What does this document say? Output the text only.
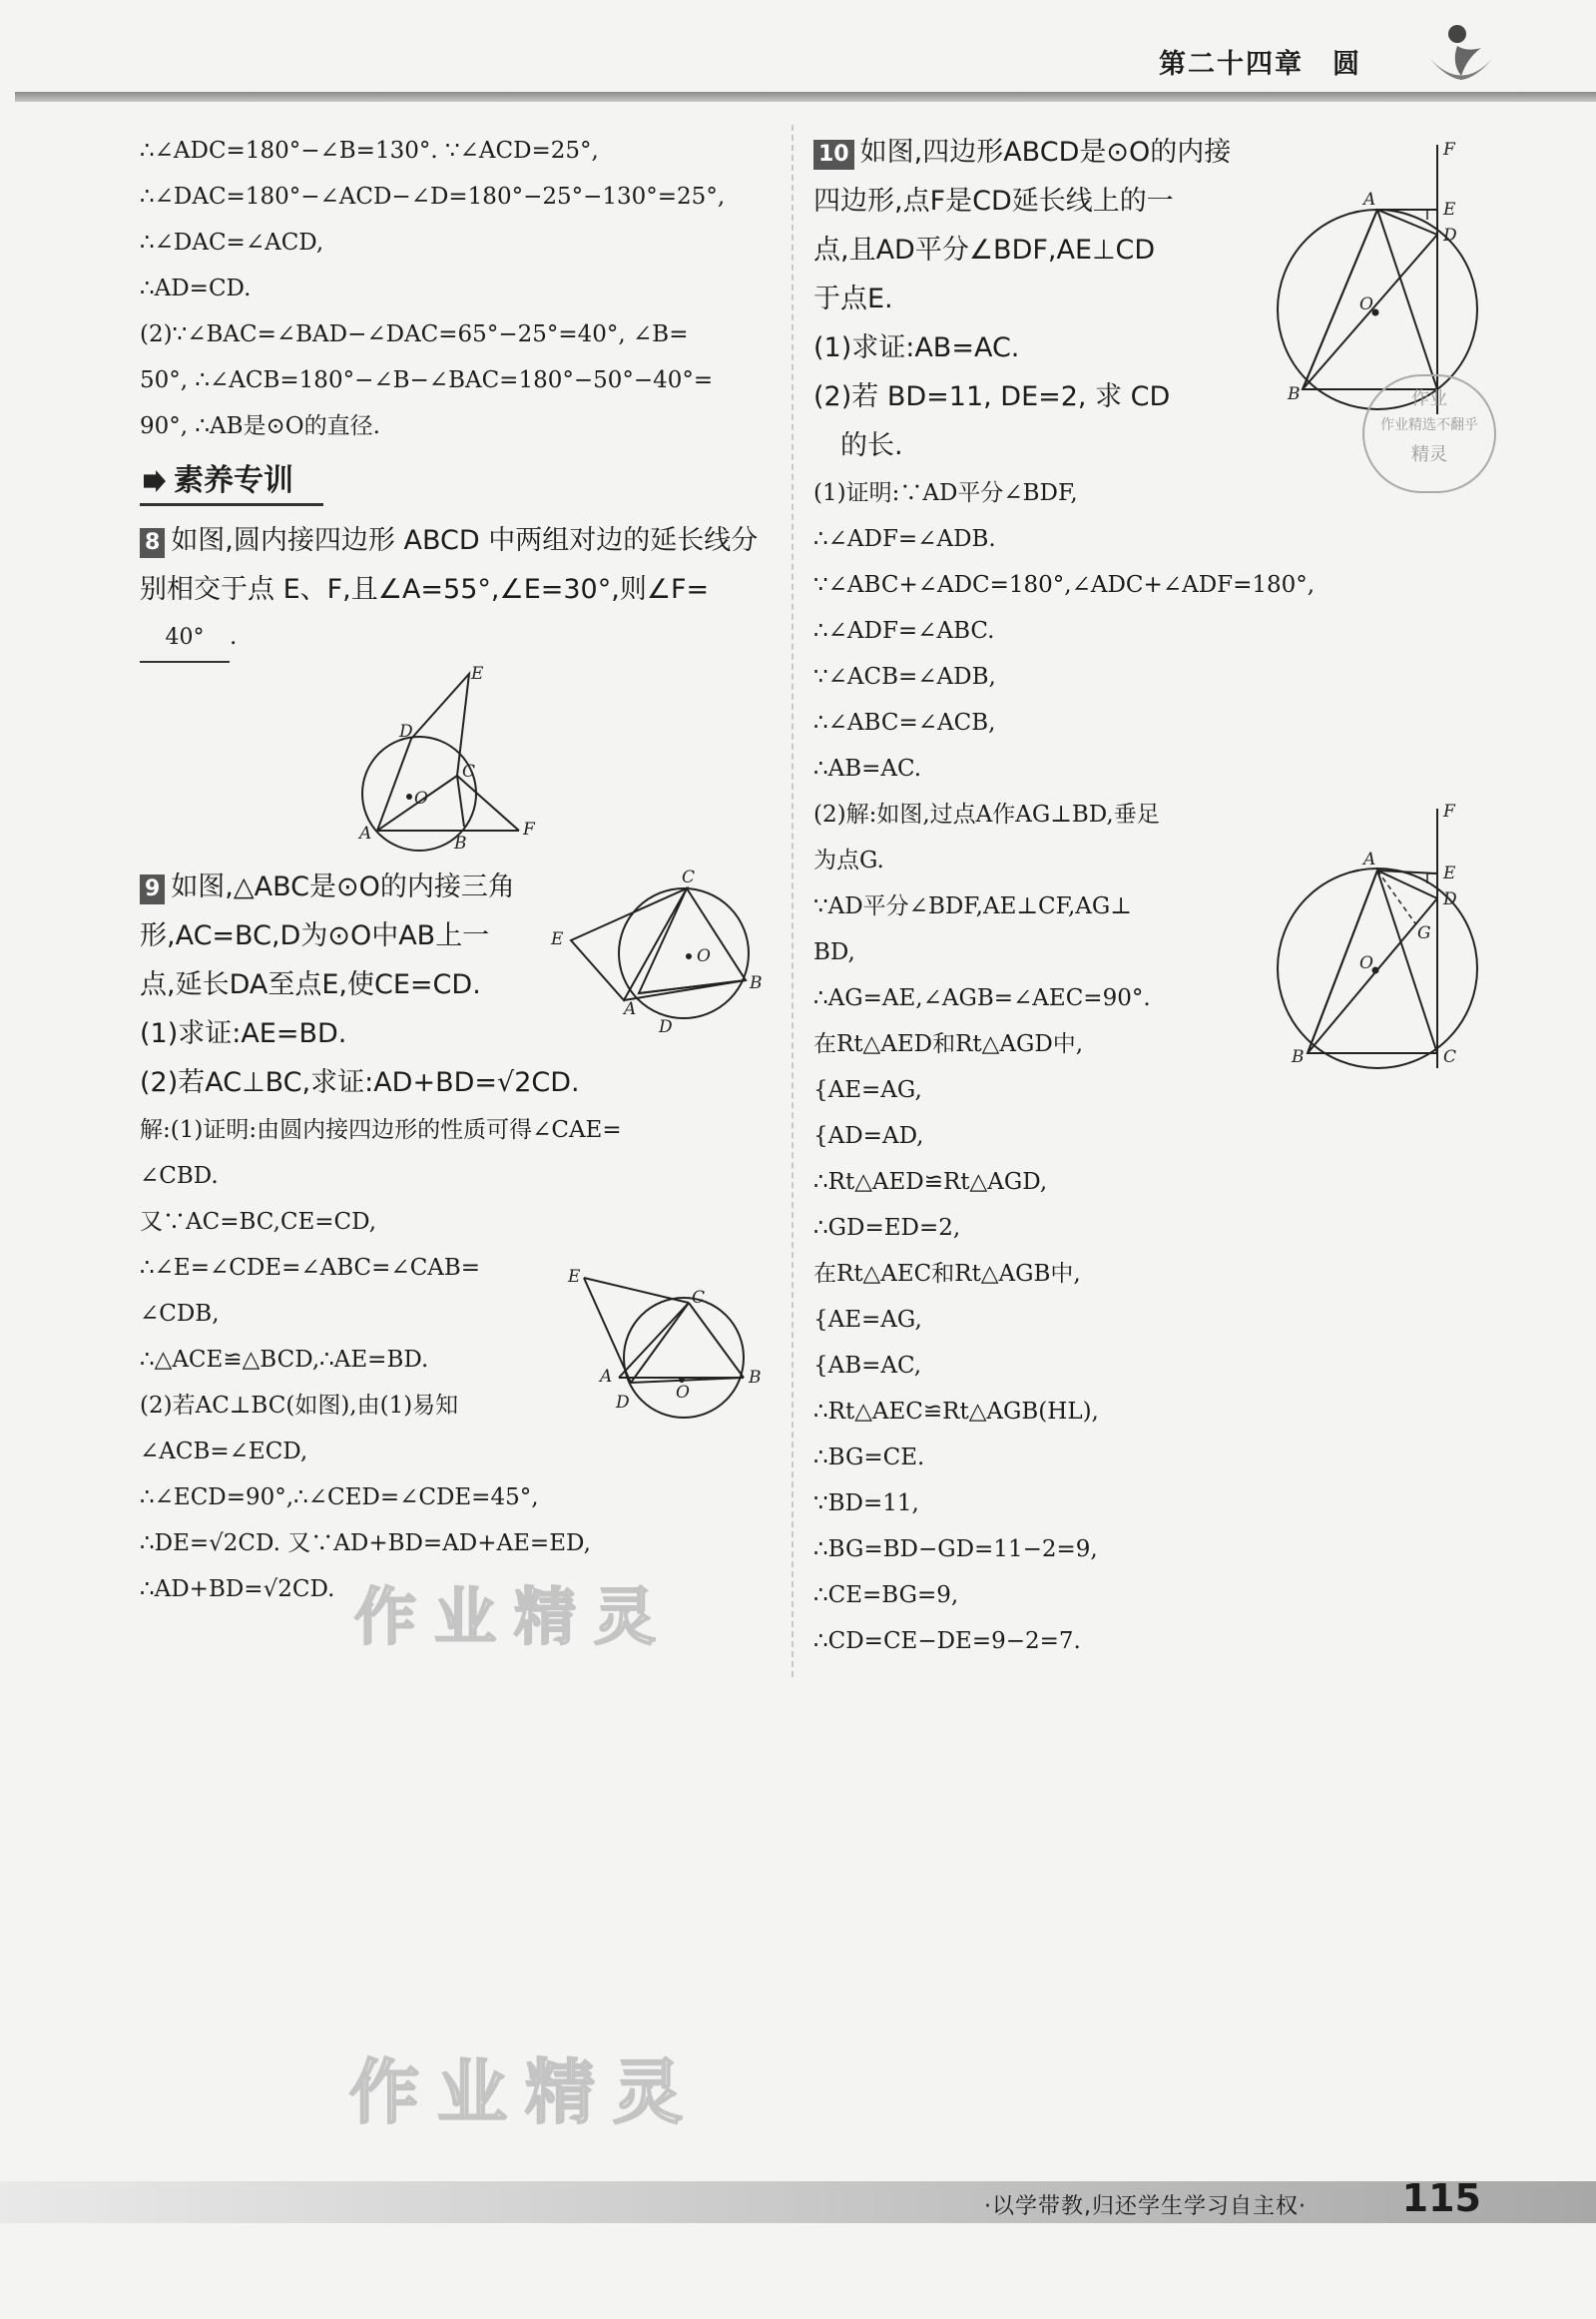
第二十四章　圆
∴∠ADC=180°−∠B=130°. ∵∠ACD=25°,
∴∠DAC=180°−∠ACD−∠D=180°−25°−130°=25°,
∴∠DAC=∠ACD,
∴AD=CD.
(2)∵∠BAC=∠BAD−∠DAC=65°−25°=40°, ∠B=
50°, ∴∠ACB=180°−∠B−∠BAC=180°−50°−40°=
90°, ∴AB是⊙O的直径.
素养专训
8 如图,圆内接四边形 ABCD 中两组对边的延长线分
别相交于点 E、F,且∠A=55°,∠E=30°,则∠F=
40° .
9 如图,△ABC是⊙O的内接三角
形,AC=BC,D为⊙O中AB上一
点,延长DA至点E,使CE=CD.
(1)求证:AE=BD.
(2)若AC⊥BC,求证:AD+BD=√2CD.
解:(1)证明:由圆内接四边形的性质可得∠CAE=
∠CBD.
又∵AC=BC,CE=CD,
∴∠E=∠CDE=∠ABC=∠CAB=
∠CDB,
∴△ACE≌△BCD,∴AE=BD.
(2)若AC⊥BC(如图),由(1)易知
∠ACB=∠ECD,
∴∠ECD=90°,∴∠CED=∠CDE=45°,
∴DE=√2CD. 又∵AD+BD=AD+AE=ED,
∴AD+BD=√2CD.
10 如图,四边形ABCD是⊙O的内接
四边形,点F是CD延长线上的一
点,且AD平分∠BDF,AE⊥CD
于点E.
(1)求证:AB=AC.
(2)若 BD=11, DE=2, 求 CD
　的长.
(1)证明:∵AD平分∠BDF,
∴∠ADF=∠ADB.
∵∠ABC+∠ADC=180°,∠ADC+∠ADF=180°,
∴∠ADF=∠ABC.
∵∠ACB=∠ADB,
∴∠ABC=∠ACB,
∴AB=AC.
(2)解:如图,过点A作AG⊥BD,垂足
为点G.
∵AD平分∠BDF,AE⊥CF,AG⊥
BD,
∴AG=AE,∠AGB=∠AEC=90°.
在Rt△AED和Rt△AGD中,
{AE=AG,
{AD=AD,
∴Rt△AED≌Rt△AGD,
∴GD=ED=2,
在Rt△AEC和Rt△AGB中,
{AE=AG,
{AB=AC,
∴Rt△AEC≌Rt△AGB(HL),
∴BG=CE.
∵BD=11,
∴BG=BD−GD=11−2=9,
∴CE=BG=9,
∴CD=CE−DE=9−2=7.
O
E
D
C
A	B
F
O
C
E
A
D
B
O
E
C
A	B
D
O
F
A	E
D
B
O
F
A
E
D
G
B	C
作业
作业精选不翻乎
精灵
作业精灵
作业精灵
·以学带教,归还学生学习自主权·	115
